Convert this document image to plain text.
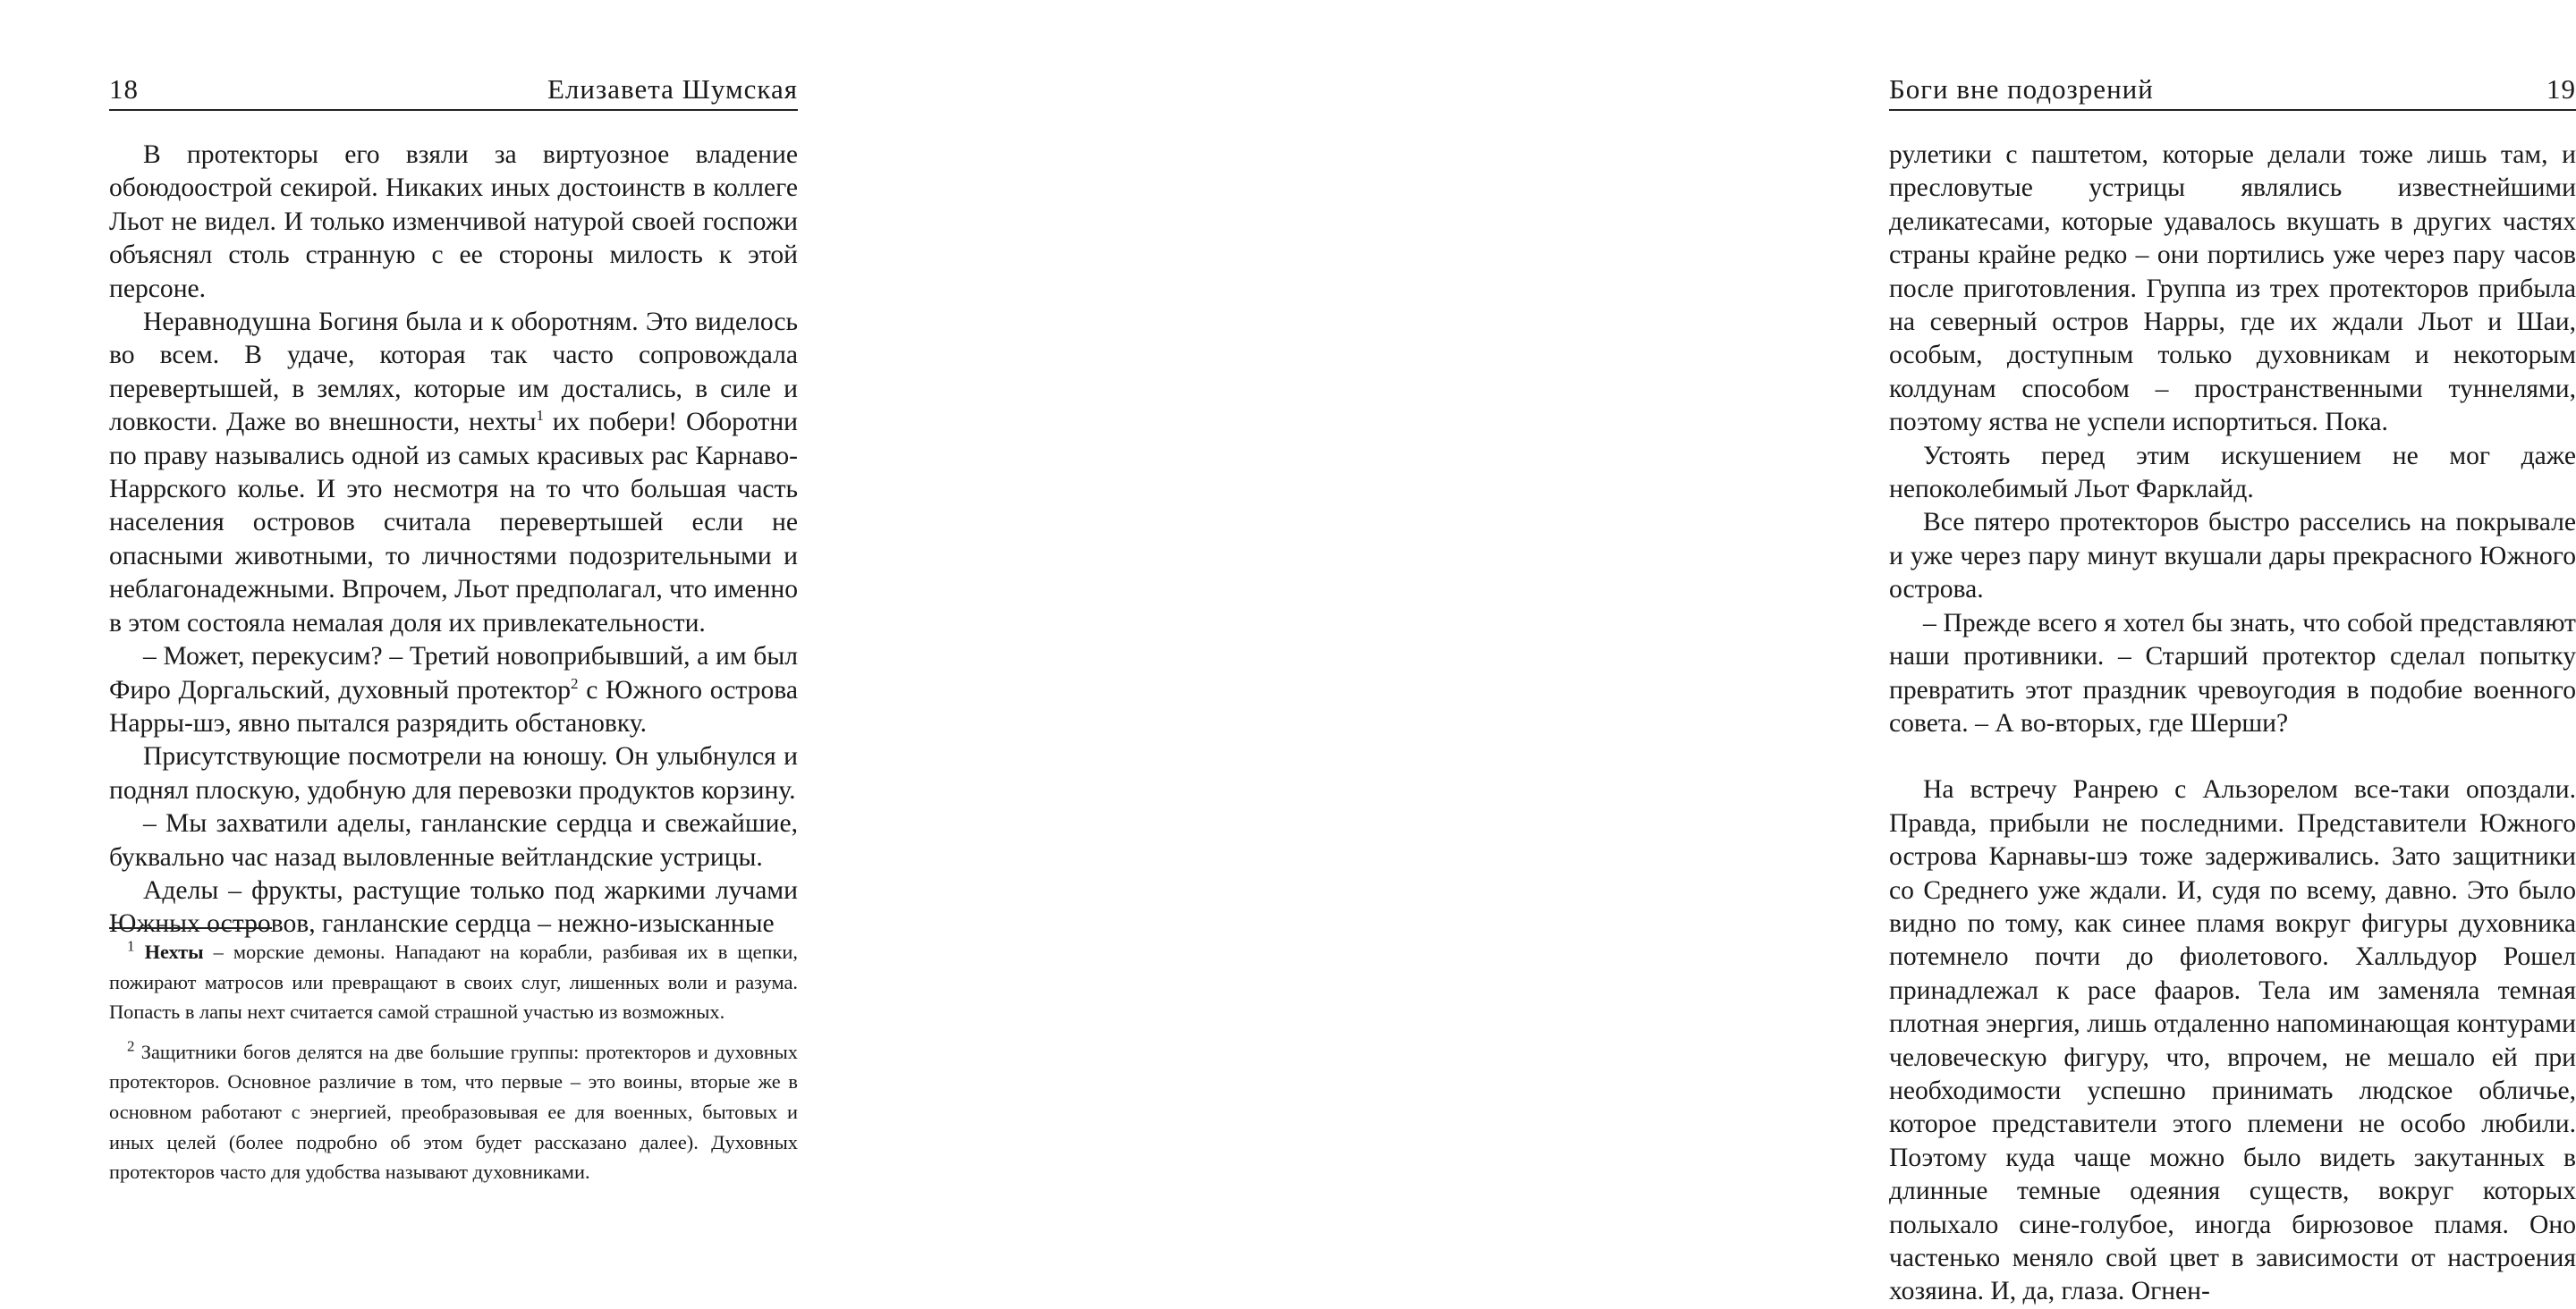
18	Елизавета Шумская

В протекторы его взяли за виртуозное владение обоюдоострой секирой. Никаких иных достоинств в коллеге Льот не видел. И только изменчивой натурой своей госпожи объяснял столь странную с ее стороны милость к этой персоне.

Неравнодушна Богиня была и к оборотням. Это виделось во всем. В удаче, которая так часто сопровождала перевертышей, в землях, которые им достались, в силе и ловкости. Даже во внешности, нехты$^1$ их побери! Оборотни по праву назывались одной из самых красивых рас Карнаво-Наррского колье. И это несмотря на то что большая часть населения островов считала перевертышей если не опасными животными, то личностями подозрительными и неблагонадежными. Впрочем, Льот предполагал, что именно в этом состояла немалая доля их привлекательности.

– Может, перекусим? – Третий новоприбывший, а им был Фиро Доргальский, духовный протектор$^2$ с Южного острова Нарры-шэ, явно пытался разрядить обстановку.

Присутствующие посмотрели на юношу. Он улыбнулся и поднял плоскую, удобную для перевозки продуктов корзину.

– Мы захватили аделы, ганланские сердца и свежайшие, буквально час назад выловленные вейтландские устрицы.

Аделы – фрукты, растущие только под жаркими лучами Южных островов, ганланские сердца – нежно-изысканные

$^1$ Нехты – морские демоны. Нападают на корабли, разбивая их в щепки, пожирают матросов или превращают в своих слуг, лишенных воли и разума. Попасть в лапы нехт считается самой страшной участью из возможных.

$^2$ Защитники богов делятся на две большие группы: протекторов и духовных протекторов. Основное различие в том, что первые – это воины, вторые же в основном работают с энергией, преобразовывая ее для военных, бытовых и иных целей (более подробно об этом будет рассказано далее). Духовных протекторов часто для удобства называют духовниками.

Боги вне подозрений	19

рулетики с паштетом, которые делали тоже лишь там, и пресловутые устрицы являлись известнейшими деликатесами, которые удавалось вкушать в других частях страны крайне редко – они портились уже через пару часов после приготовления. Группа из трех протекторов прибыла на северный остров Нарры, где их ждали Льот и Шаи, особым, доступным только духовникам и некоторым колдунам способом – пространственными туннелями, поэтому яства не успели испортиться. Пока.

Устоять перед этим искушением не мог даже непоколебимый Льот Фарклайд.

Все пятеро протекторов быстро расселись на покрывале и уже через пару минут вкушали дары прекрасного Южного острова.

– Прежде всего я хотел бы знать, что собой представляют наши противники. – Старший протектор сделал попытку превратить этот праздник чревоугодия в подобие военного совета. – А во-вторых, где Шерши?

На встречу Ранрею с Альзорелом все-таки опоздали. Правда, прибыли не последними. Представители Южного острова Карнавы-шэ тоже задерживались. Зато защитники со Среднего уже ждали. И, судя по всему, давно. Это было видно по тому, как синее пламя вокруг фигуры духовника потемнело почти до фиолетового. Халльдуор Рошел принадлежал к расе фааров. Тела им заменяла темная плотная энергия, лишь отдаленно напоминающая контурами человеческую фигуру, что, впрочем, не мешало ей при необходимости успешно принимать людское обличье, которое представители этого племени не особо любили. Поэтому куда чаще можно было видеть закутанных в длинные темные одеяния существ, вокруг которых полыхало сине-голубое, иногда бирюзовое пламя. Оно частенько меняло свой цвет в зависимости от настроения хозяина. И, да, глаза. Огнен-
